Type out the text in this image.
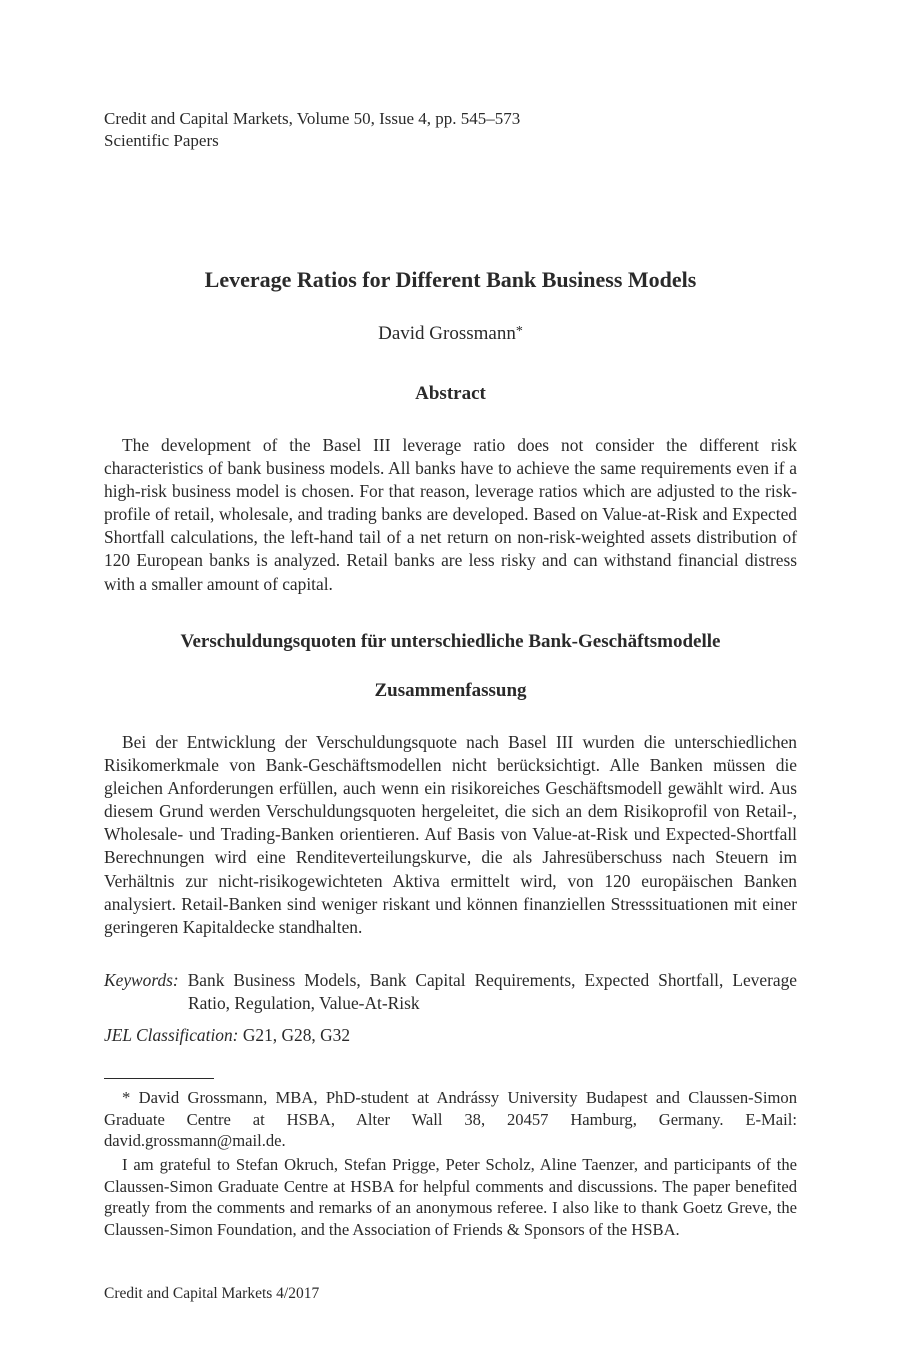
Credit and Capital Markets, Volume 50, Issue 4, pp. 545–573
Scientific Papers
Leverage Ratios for Different Bank Business Models
David Grossmann*
Abstract
The development of the Basel III leverage ratio does not consider the different risk characteristics of bank business models. All banks have to achieve the same requirements even if a high-risk business model is chosen. For that reason, leverage ratios which are adjusted to the risk-profile of retail, wholesale, and trading banks are developed. Based on Value-at-Risk and Expected Shortfall calculations, the left-hand tail of a net return on non-risk-weighted assets distribution of 120 European banks is analyzed. Retail banks are less risky and can withstand financial distress with a smaller amount of capital.
Verschuldungsquoten für unterschiedliche Bank-Geschäftsmodelle
Zusammenfassung
Bei der Entwicklung der Verschuldungsquote nach Basel III wurden die unterschiedlichen Risikomerkmale von Bank-Geschäftsmodellen nicht berücksichtigt. Alle Banken müssen die gleichen Anforderungen erfüllen, auch wenn ein risikoreiches Geschäftsmodell gewählt wird. Aus diesem Grund werden Verschuldungsquoten hergeleitet, die sich an dem Risikoprofil von Retail-, Wholesale- und Trading-Banken orientieren. Auf Basis von Value-at-Risk und Expected-Shortfall Berechnungen wird eine Renditeverteilungskurve, die als Jahresüberschuss nach Steuern im Verhältnis zur nicht-risikogewichteten Aktiva ermittelt wird, von 120 europäischen Banken analysiert. Retail-Banken sind weniger riskant und können finanziellen Stresssituationen mit einer geringeren Kapitaldecke standhalten.
Keywords: Bank Business Models, Bank Capital Requirements, Expected Shortfall, Leverage Ratio, Regulation, Value-At-Risk
JEL Classification: G21, G28, G32
* David Grossmann, MBA, PhD-student at Andrássy University Budapest and Claussen-Simon Graduate Centre at HSBA, Alter Wall 38, 20457 Hamburg, Germany. E-Mail: david.grossmann@mail.de.
I am grateful to Stefan Okruch, Stefan Prigge, Peter Scholz, Aline Taenzer, and participants of the Claussen-Simon Graduate Centre at HSBA for helpful comments and discussions. The paper benefited greatly from the comments and remarks of an anonymous referee. I also like to thank Goetz Greve, the Claussen-Simon Foundation, and the Association of Friends & Sponsors of the HSBA.
Credit and Capital Markets 4/2017
